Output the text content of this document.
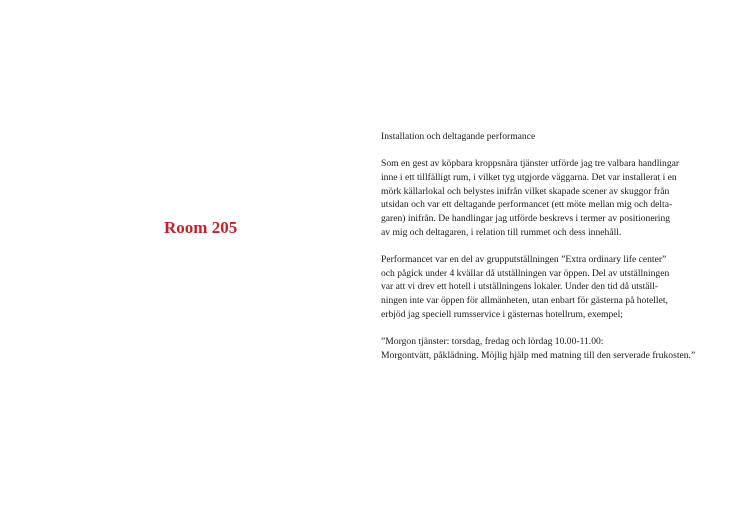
Room 205

Installation och deltagande performance

Som en gest av köpbara kroppsnära tjänster utförde jag tre valbara handlingar
inne i ett tillfälligt rum, i vilket tyg utgjorde väggarna. Det var installerat i en
mörk källarlokal och belystes inifrån vilket skapade scener av skuggor från
utsidan och var ett deltagande performancet (ett möte mellan mig och delta-
garen) inifrån. De handlingar jag utförde beskrevs i termer av positionering
av mig och deltagaren, i relation till rummet och dess innehåll.

Performancet var en del av grupputställningen ”Extra ordinary life center”
och pågick under 4 kvällar då utställningen var öppen. Del av utställningen
var att vi drev ett hotell i utställningens lokaler. Under den tid då utställ-
ningen inte var öppen för allmänheten, utan enbart för gästerna på hotellet,
erbjöd jag speciell rumsservice i gästernas hotellrum, exempel;

”Morgon tjänster: torsdag, fredag och lördag 10.00-11.00:
Morgontvätt, påklädning. Möjlig hjälp med matning till den serverade frukosten.”
